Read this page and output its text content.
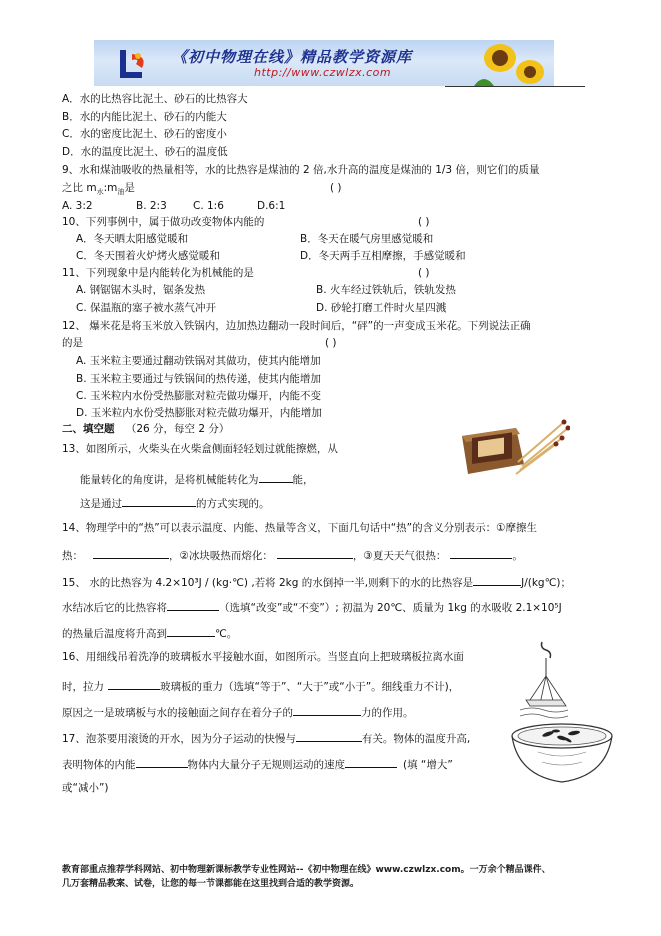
《初中物理在线》精品教学资源库
http://www.czwlzx.com
A．水的比热容比泥土、砂石的比热容大
B．水的内能比泥土、砂石的内能大
C．水的密度比泥土、砂石的密度小
D．水的温度比泥土、砂石的温度低
9、水和煤油吸收的热量相等，水的比热容是煤油的 2 倍,水升高的温度是煤油的 1/3 倍，则它们的质量
之比 $m_水:m_油$是	( )
A. 3:2	B. 2:3 C. 1:6	D.6:1
10、下列事例中，属于做功改变物体内能的	( )
A．冬天晒太阳感觉暖和	B．冬天在暖气房里感觉暖和
C．冬天围着火炉烤火感觉暖和	D．冬天两手互相摩擦，手感觉暖和
11、下列现象中是内能转化为机械能的是	( )
A. 钢锯锯木头时，锯条发热	B. 火车经过铁轨后，铁轨发热
C. 保温瓶的塞子被水蒸气冲开	D. 砂轮打磨工件时火星四溅
12、 爆米花是将玉米放入铁锅内，边加热边翻动一段时间后，“砰”的一声变成玉米花。下列说法正确
的是	( )
A. 玉米粒主要通过翻动铁锅对其做功，使其内能增加
B. 玉米粒主要通过与铁锅间的热传递，使其内能增加
C. 玉米粒内水份受热膨胀对粒壳做功爆开，内能不变
D. 玉米粒内水份受热膨胀对粒壳做功爆开，内能增加
二、填空题 （26 分，每空 2 分）
13、如图所示，火柴头在火柴盒侧面轻轻划过就能擦燃，从
能量转化的角度讲，是将机械能转化为	能，
这是通过	的方式实现的。
14、物理学中的“热”可以表示温度、内能、热量等含义，下面几句话中“热”的含义分别表示：①摩擦生
热：	，②冰块吸热而熔化：	，③夏天天气很热：	。
15、 水的比热容为 4.2×10³J / (kg·℃) ,若将 2kg 的水倒掉一半,则剩下的水的比热容是	J/(kg℃)；
水结冰后它的比热容将	（选填“改变”或“不变”）; 初温为 20℃、质量为 1kg 的水吸收 2.1×10⁵J
的热量后温度将升高到	℃。
16、用细线吊着洗净的玻璃板水平接触水面，如图所示。当竖直向上把玻璃板拉离水面
时，拉力	玻璃板的重力（选填“等于”、“大于”或“小于”。细线重力不计)，
原因之一是玻璃板与水的接触面之间存在着分子的	力的作用。
17、泡茶要用滚烫的开水，因为分子运动的快慢与	有关。物体的温度升高,
表明物体的内能	物体内大量分子无规则运动的速度	(填 “增大”
或“减小”)
教育部重点推荐学科网站、初中物理新课标教学专业性网站--《初中物理在线》www.czwlzx.com。一万余个精品课件、
几万套精品教案、试卷，让您的每一节课都能在这里找到合适的教学资源。
